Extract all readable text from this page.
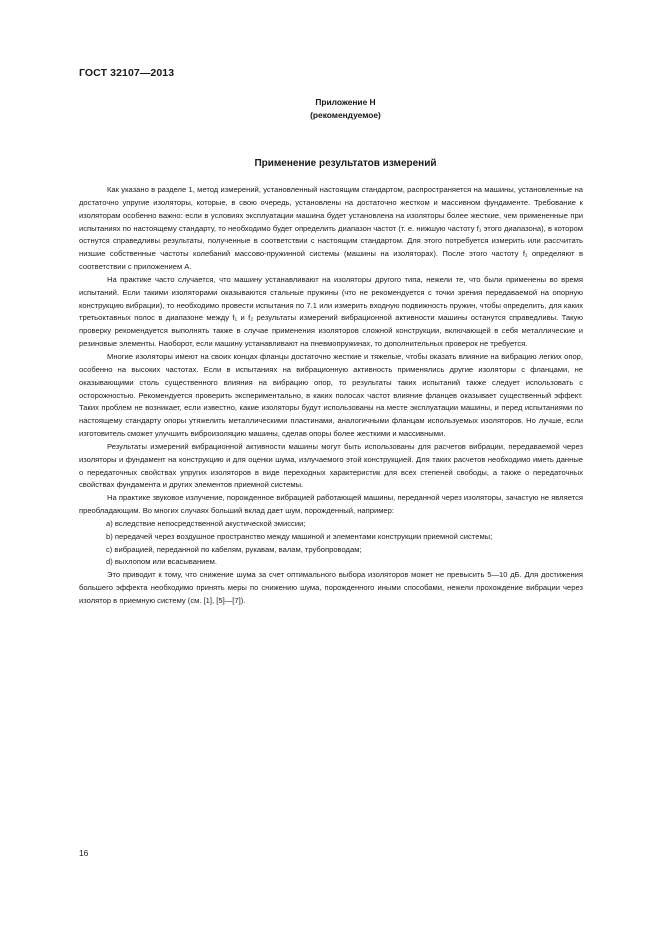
ГОСТ 32107—2013
Приложение Н
(рекомендуемое)
Применение результатов измерений

Как указано в разделе 1, метод измерений, установленный настоящим стандартом, распространяется на машины, установленные на достаточно упругие изоляторы, которые, в свою очередь, установлены на достаточно жестком и массивном фундаменте. Требование к изоляторам особенно важно: если в условиях эксплуатации машина будет установлена на изоляторы более жесткие, чем примененные при испытаниях по настоящему стандарту, то необходимо будет определить диапазон частот (т. е. нижшую частоту f₁ этого диапазона), в котором остнутся справедливы результаты, полученные в соответствии с настоящим стандартом. Для этого потребуется измерить или рассчитать низшие собственные частоты колебаний массово-пружинной системы (машины на изоляторах). После этого частоту f₁ определяют в соответствии с приложением А.

На практике часто случается, что машину устанавливают на изоляторы другого типа, нежели те, что были применены во время испытаний. Если такими изоляторами оказываются стальные пружины (что не рекомендуется с точки зрения передаваемой на опорную конструкцию вибрации), то необходимо провести испытания по 7.1 или измерить входную подвижность пружин, чтобы определить, для каких третьоктавных полос в диапазоне между f₁ и f₂ результаты измерений вибрационной активности машины останутся справедливы. Такую проверку рекомендуется выполнять также в случае применения изоляторов сложной конструкции, включающей в себя металлические и резиновые элементы. Наоборот, если машину устанавливают на пневмопружинах, то дополнительных проверок не требуется.

Многие изоляторы имеют на своих концах фланцы достаточно жесткие и тяжелые, чтобы оказать влияние на вибрацию легких опор, особенно на высоких частотах. Если в испытаниях на вибрационную активность применялись другие изоляторы с фланцами, не оказывающими столь существенного влияния на вибрацию опор, то результаты таких испытаний также следует использовать с осторожностью. Рекомендуется проверить экспериментально, в каких полосах частот влияние фланцев оказывает существенный эффект. Таких проблем не возникает, если известно, какие изоляторы будут использованы на месте эксплуатации машины, и перед испытаниями по настоящему стандарту опоры утяжелить металлическими пластинами, аналогичными фланцам используемых изоляторов. Но лучше, если изготовитель сможет улучшить виброизоляцию машины, сделав опоры более жесткими и массивными.

Результаты измерений вибрационной активности машины могут быть использованы для расчетов вибрации, передаваемой через изоляторы и фундамент на конструкцию и для оценки шума, излучаемого этой конструкцией. Для таких расчетов необходимо иметь данные о передаточных свойствах упругих изоляторов в виде переходных характеристик для всех степеней свободы, а также о передаточных свойствах фундамента и других элементов приемной системы.

На практике звуковое излучение, порожденное вибрацией работающей машины, переданной через изоляторы, зачастую не является преобладающим. Во многих случаях больший вклад дает шум, порожденный, например:

a) вследствие непосредственной акустической эмиссии;

b) передачей через воздушное пространство между машиной и элементами конструкции приемной системы;

c) вибрацией, переданной по кабелям, рукавам, валам, трубопроводам;

d) выхлопом или всасыванием.

Это приводит к тому, что снижение шума за счет оптимального выбора изоляторов может не превысить 5—10 дБ. Для достижения большего эффекта необходимо принять меры по снижению шума, порожденного иными способами, нежели прохождение вибрации через изолятор в приемную систему (см. [1], [5]—[7]).

16
